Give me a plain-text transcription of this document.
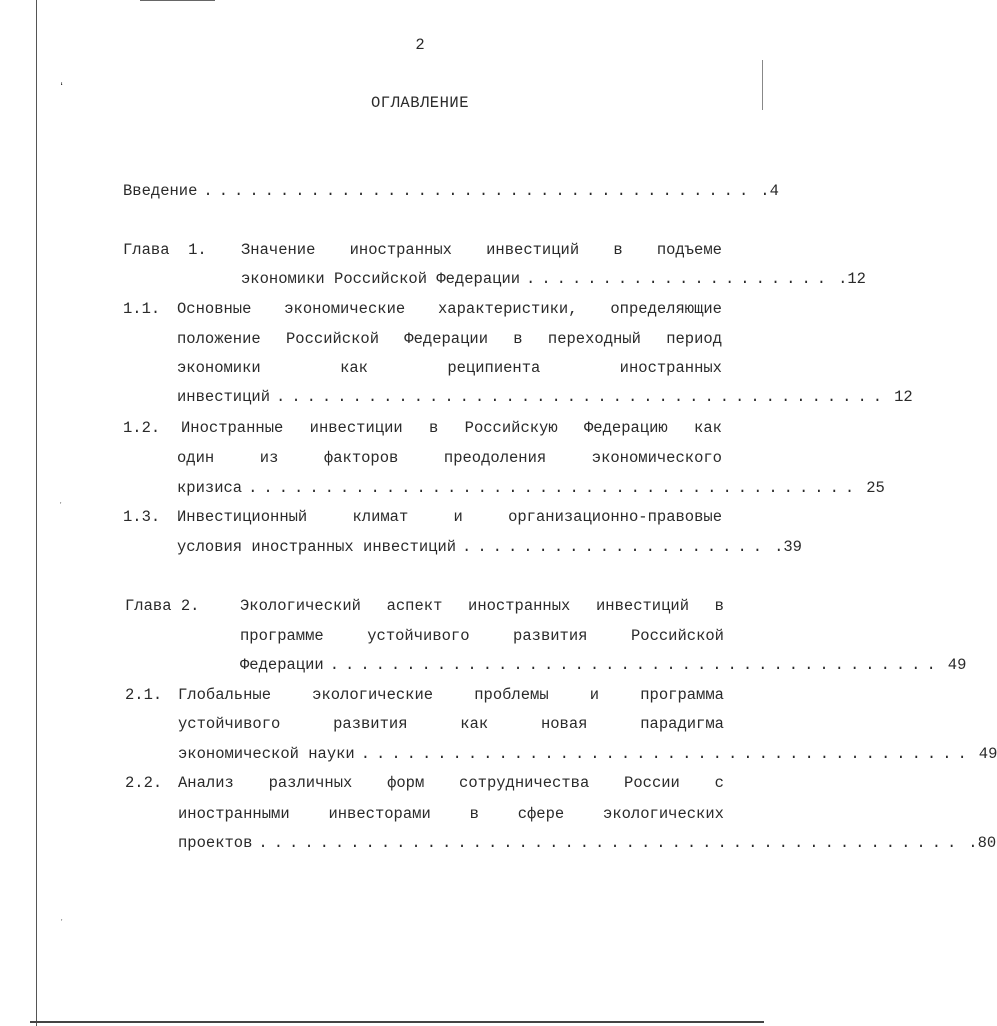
ʻ
ˑ
ˑ
2
ОГЛАВЛЕНИЕ
Введение .................................... .4
Глава 1. Значение иностранных инвестиций в подъеме
экономики Российской Федерации .................... .12
1.1. Основные экономические характеристики, определяющие
положение Российской Федерации в переходный период
экономики	как	реципиента	иностранных
инвестиций ........................................ 12
1.2. Иностранные инвестиции в Российскую Федерацию как
один	из	факторов	преодоления	экономического
кризиса ........................................ 25
1.3. Инвестиционный	климат	и	организационно-правовые
условия иностранных инвестиций .................... .39
Глава 2.	Экологический аспект иностранных инвестиций в
программе	устойчивого	развития	Российской
Федерации ........................................ 49
2.1. Глобальные	экологические	проблемы	и	программа
устойчивого	развития	как	новая	парадигма
экономической науки ........................................ 49
2.2. Анализ различных форм сотрудничества России с
иностранными	инвесторами	в	сфере	экологических
проектов .............................................. .80
